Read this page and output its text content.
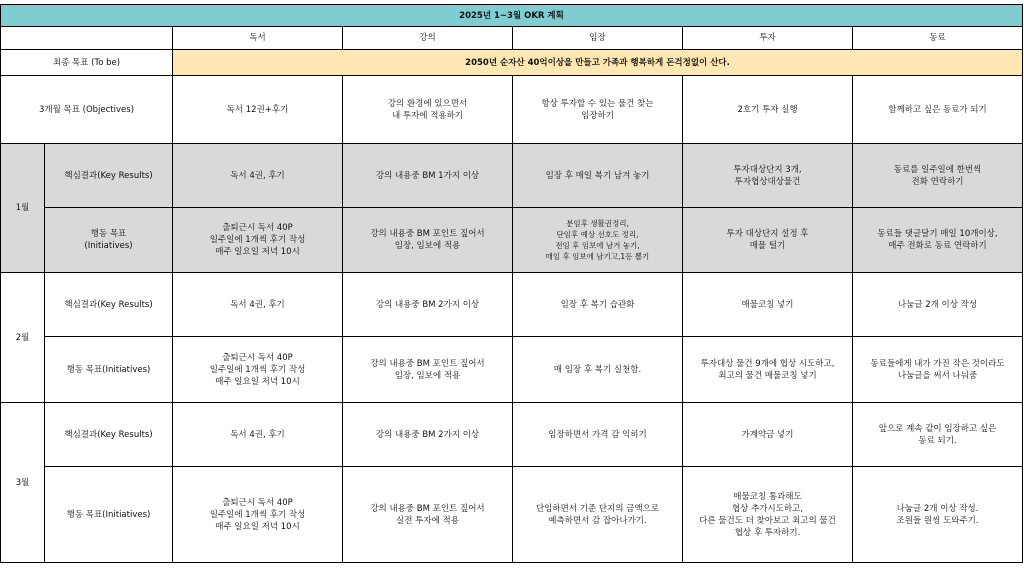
2025년 1~3월 OKR 계획						
		독서	강의	임장	투자	동료
최종 목표 (To be)		2050년 순자산 40억이상을 만들고 가족과 행복하게 돈걱정없이 산다.				
3개월 목표 (Objectives)		독서 12권+후기	강의 환경에 있으면서
내 투자에 적용하기	항상 투자할 수 있는 물건 찾는
임장하기	2호기 투자 실행	함께하고 싶은 동료가 되기

1월	핵심결과(Key Results)	독서 4권, 후기	강의 내용중 BM 1가지 이상	임장 후 매일 복기 남겨 놓기	투자대상단지 3개,
투자협상대상물건	동료를 일주일에 한번씩
전화 연락하기

	행동 목표
(Initiatives)	출퇴근시 독서 40P
일주일에 1개씩 후기 작성
매주 일요일 저녁 10시	강의 내용중 BM 포인트 짚어서
임장, 임보에 적용	분임후 생활권정리,
단임후 예상 선호도 정리,
전임 후 임보에 남겨 놓기,
매임 후 임보에 남기고,1등 뽑기	투자 대상단지 설정 후
매물 털기	동료들 댓글달기 매일 10개이상,
매주 전화로 동료 연락하기

2월	핵심결과(Key Results)	독서 4권, 후기	강의 내용중 BM 2가지 이상	임장 후 복기 습관화	매물코칭 넣기	나눔글 2개 이상 작성

	행동 목표(Initiatives)	출퇴근시 독서 40P
일주일에 1개씩 후기 작성
매주 일요일 저녁 10시	강의 내용중 BM 포인트 짚어서
임장, 임보에 적용	매 임장 후 복기 실천함.	투자대상 물건 9개에 협상 시도하고,
최고의 물건 매물코칭 넣기	동료들에게 내가 가진 작은 것이라도
나눔글을 써서 나눠줌

3월	핵심결과(Key Results)	독서 4권, 후기	강의 내용중 BM 2가지 이상	임장하면서 가격 감 익히기	가계약금 넣기	앞으로 계속 같이 임장하고 싶은
동료 되기.

	행동 목표(Initiatives)	출퇴근시 독서 40P
일주일에 1개씩 후기 작성
매주 일요일 저녁 10시	강의 내용중 BM 포인트 짚어서
실전 투자에 적용	단임하면서 기준 단지의 금액으로
예측하면서 감 잡아나가기.	매물코칭 통과해도
협상 추가시도하고,
다른 물건도 더 찾아보고 최고의 물건
협상 후 투자하기.	나눔글 2개 이상 작성.
조원들 원씽 도와주기.
